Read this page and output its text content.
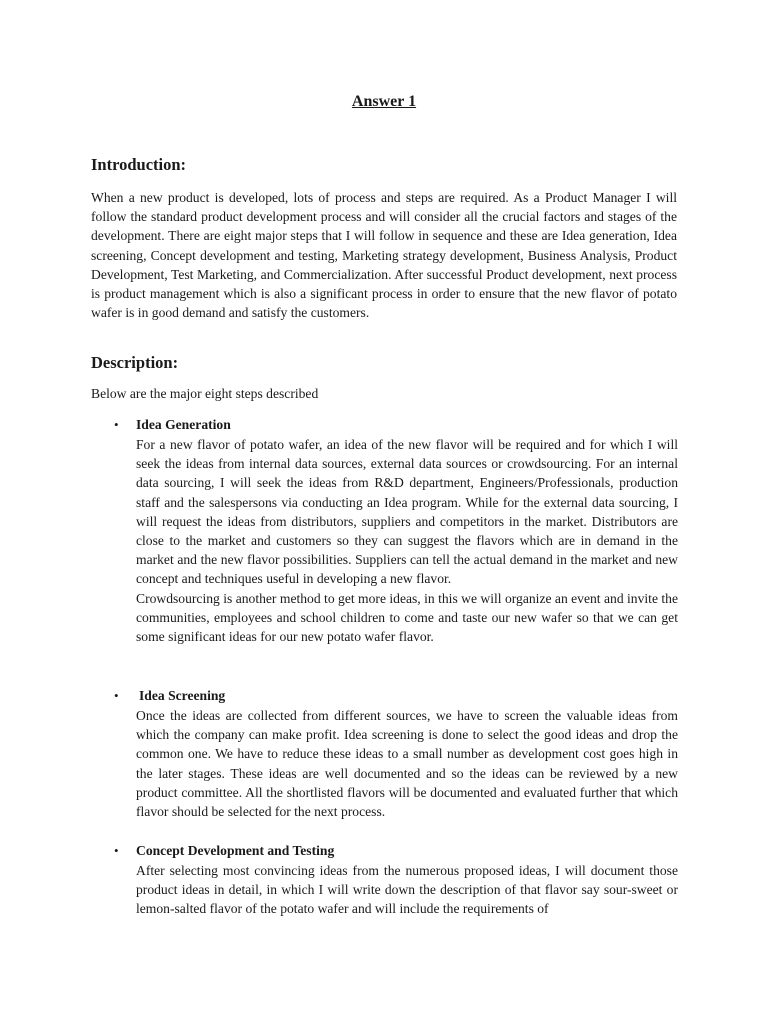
Answer 1
Introduction:

When a new product is developed, lots of process and steps are required. As a Product Manager I will follow the standard product development process and will consider all the crucial factors and stages of the development. There are eight major steps that I will follow in sequence and these are Idea generation, Idea screening, Concept development and testing, Marketing strategy development, Business Analysis, Product Development, Test Marketing, and Commercialization. After successful Product development, next process is product management which is also a significant process in order to ensure that the new flavor of potato wafer is in good demand and satisfy the customers.

Description:

Below are the major eight steps described

• Idea Generation

For a new flavor of potato wafer, an idea of the new flavor will be required and for which I will seek the ideas from internal data sources, external data sources or crowdsourcing. For an internal data sourcing, I will seek the ideas from R&D department, Engineers/Professionals, production staff and the salespersons via conducting an Idea program. While for the external data sourcing, I will request the ideas from distributors, suppliers and competitors in the market. Distributors are close to the market and customers so they can suggest the flavors which are in demand in the market and the new flavor possibilities. Suppliers can tell the actual demand in the market and new concept and techniques useful in developing a new flavor.

Crowdsourcing is another method to get more ideas, in this we will organize an event and invite the communities, employees and school children to come and taste our new wafer so that we can get some significant ideas for our new potato wafer flavor.

• Idea Screening

Once the ideas are collected from different sources, we have to screen the valuable ideas from which the company can make profit. Idea screening is done to select the good ideas and drop the common one. We have to reduce these ideas to a small number as development cost goes high in the later stages. These ideas are well documented and so the ideas can be reviewed by a new product committee. All the shortlisted flavors will be documented and evaluated further that which flavor should be selected for the next process.

• Concept Development and Testing

After selecting most convincing ideas from the numerous proposed ideas, I will document those product ideas in detail, in which I will write down the description of that flavor say sour-sweet or lemon-salted flavor of the potato wafer and will include the requirements of
